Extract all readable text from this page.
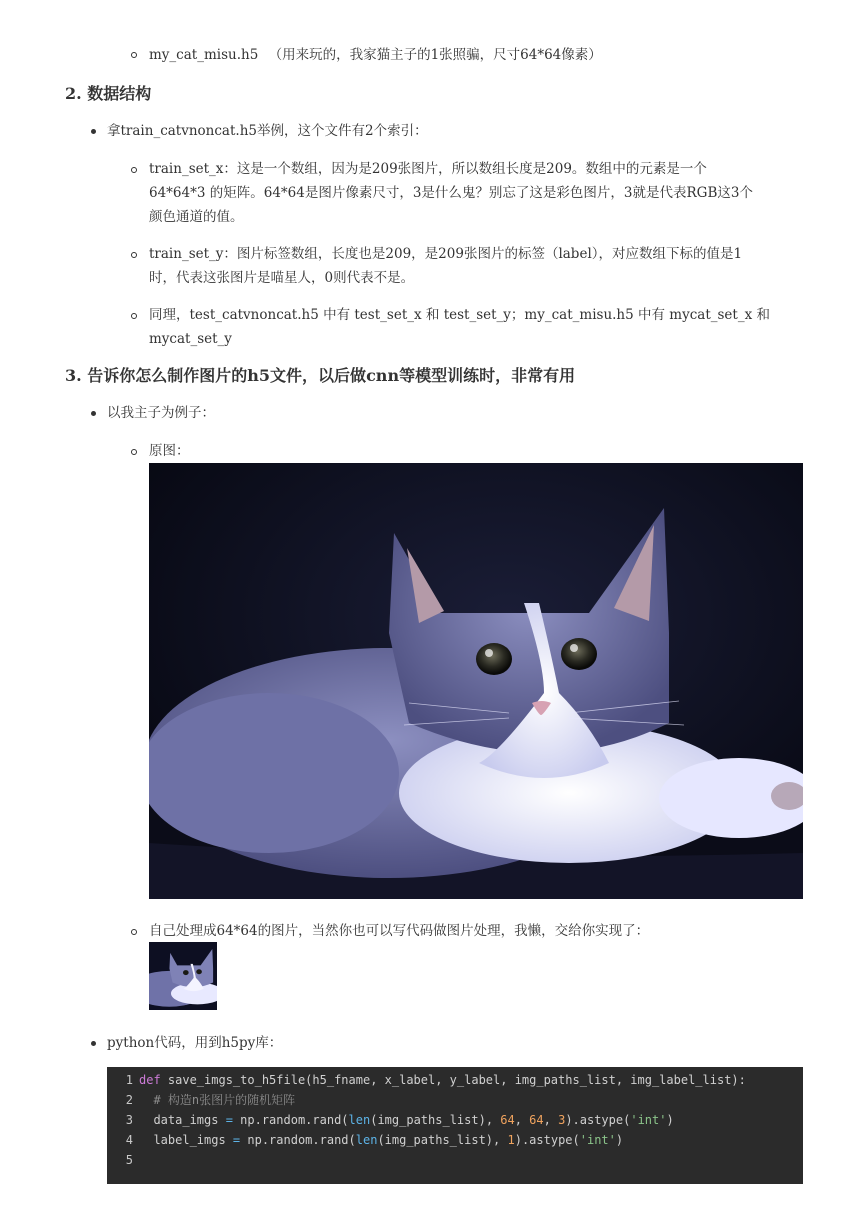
my_cat_misu.h5 （用来玩的，我家猫主子的1张照骗，尺寸64*64像素）
2. 数据结构
拿train_catvnoncat.h5举例，这个文件有2个索引：
train_set_x：这是一个数组，因为是209张图片，所以数组长度是209。数组中的元素是一个
64*64*3 的矩阵。64*64是图片像素尺寸，3是什么鬼？别忘了这是彩色图片，3就是代表RGB这3个
颜色通道的值。
train_set_y：图片标签数组，长度也是209，是209张图片的标签（label），对应数组下标的值是1
时，代表这张图片是喵星人，0则代表不是。
同理，test_catvnoncat.h5 中有 test_set_x 和 test_set_y；my_cat_misu.h5 中有 mycat_set_x 和
mycat_set_y
3. 告诉你怎么制作图片的h5文件，以后做cnn等模型训练时，非常有用
以我主子为例子：
原图：
自己处理成64*64的图片，当然你也可以写代码做图片处理，我懒，交给你实现了：
python代码，用到h5py库：
1 def save_imgs_to_h5file(h5_fname, x_label, y_label, img_paths_list, img_label_list):
2  # 构造n张图片的随机矩阵
3  data_imgs = np.random.rand(len(img_paths_list), 64, 64, 3).astype('int')
4  label_imgs = np.random.rand(len(img_paths_list), 1).astype('int')
5
